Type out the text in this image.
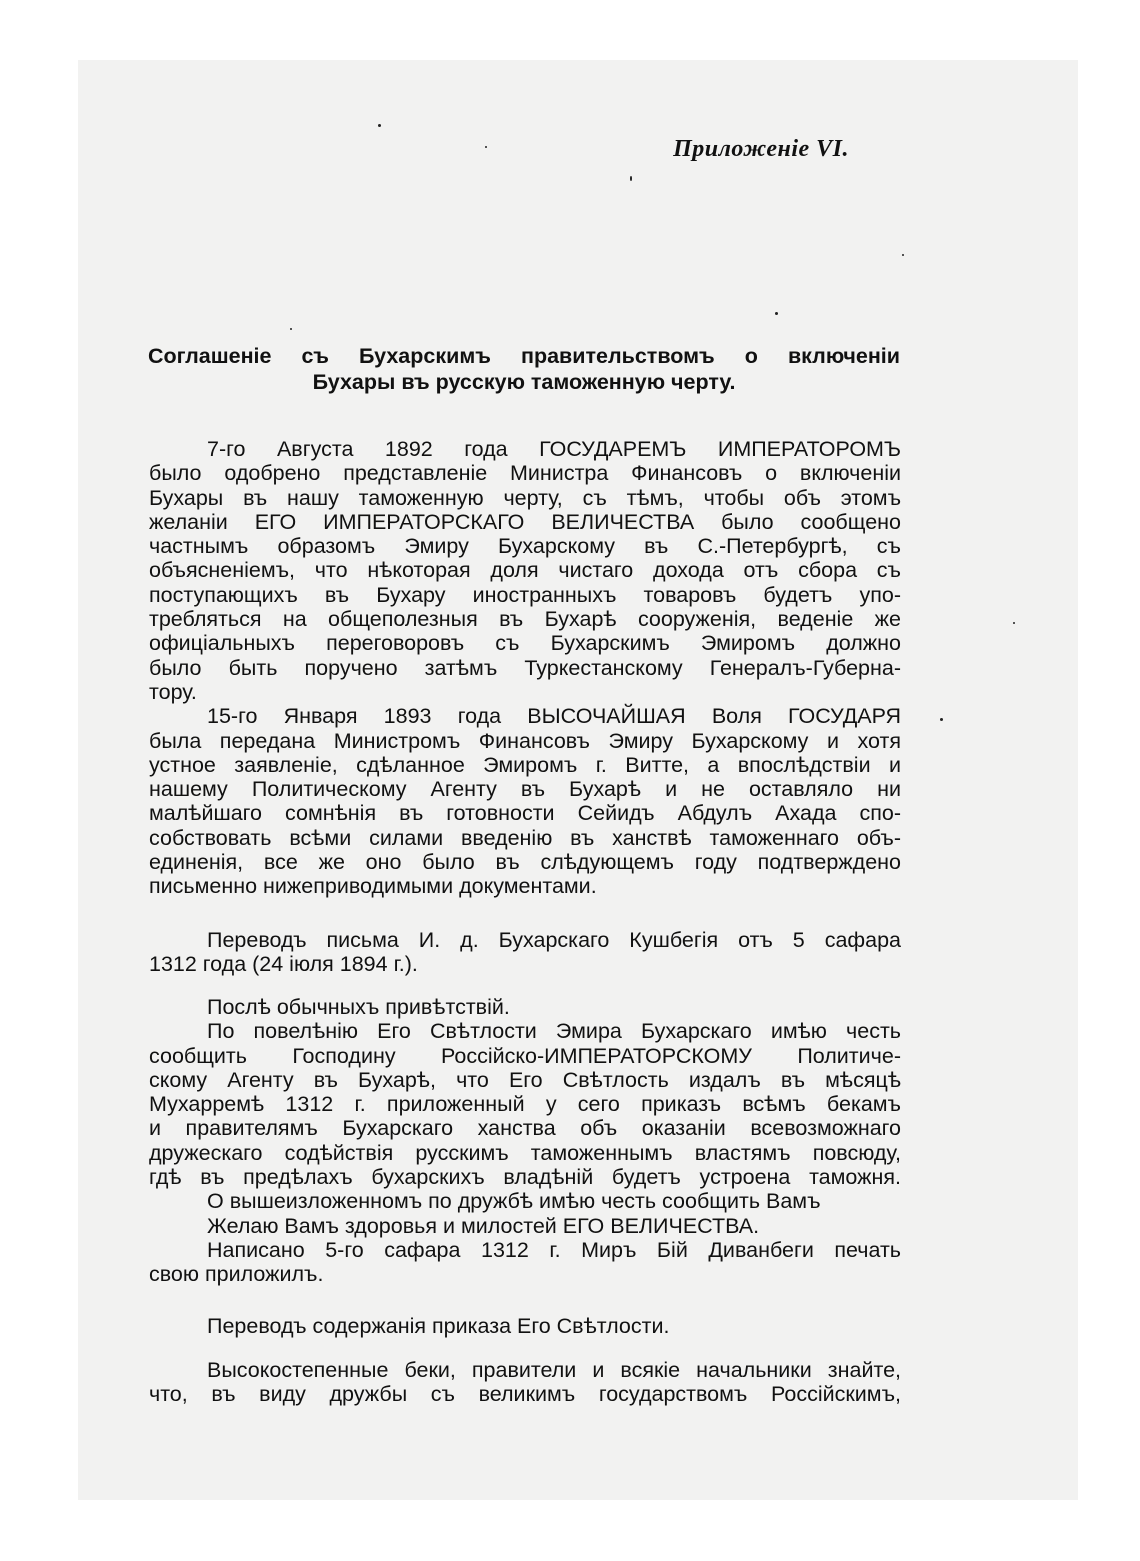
Приложенiе VI.
Соглашенiе съ Бухарскимъ правительствомъ о включенiи
Бухары въ русскую таможенную черту.
7-го Августа 1892 года ГОСУДАРЕМЪ ИМПЕРАТОРОМЪ
было одобрено представленiе Министра Финансовъ о включенiи
Бухары въ нашу таможенную черту, съ тѣмъ, чтобы объ этомъ
желанiи ЕГО ИМПЕРАТОРСКАГО ВЕЛИЧЕСТВА было сообщено
частнымъ образомъ Эмиру Бухарскому въ С.-Петербургѣ, съ
объясненiемъ, что нѣкоторая доля чистаго дохода отъ сбора съ
поступающихъ въ Бухару иностранныхъ товаровъ будетъ упо-
требляться на общеполезныя въ Бухарѣ сооруженiя, веденiе же
офицiальныхъ переговоровъ съ Бухарскимъ Эмиромъ должно
было быть поручено затѣмъ Туркестанскому Генералъ-Губерна-
тору.
15-го Января 1893 года ВЫСОЧАЙШАЯ Воля ГОСУДАРЯ
была передана Министромъ Финансовъ Эмиру Бухарскому и хотя
устное заявленiе, сдѣланное Эмиромъ г. Витте, а впослѣдствiи и
нашему Политическому Агенту въ Бухарѣ и не оставляло ни
малѣйшаго сомнѣнiя въ готовности Сейидъ Абдулъ Ахада спо-
собствовать всѣми силами введенiю въ ханствѣ таможеннаго объ-
единенiя, все же оно было въ слѣдующемъ году подтверждено
письменно нижеприводимыми документами.
Переводъ письма И. д. Бухарскаго Кушбегiя отъ 5 сафара
1312 года (24 iюля 1894 г.).
Послѣ обычныхъ привѣтствiй.
По повелѣнiю Его Свѣтлости Эмира Бухарскаго имѣю честь
сообщить Господину Россiйско-ИМПЕРАТОРСКОМУ Политиче-
скому Агенту въ Бухарѣ, что Его Свѣтлость издалъ въ мѣсяцѣ
Мухарремѣ 1312 г. приложенный у сего приказъ всѣмъ бекамъ
и правителямъ Бухарскаго ханства объ оказанiи всевозможнаго
дружескаго содѣйствiя русскимъ таможеннымъ властямъ повсюду,
гдѣ въ предѣлахъ бухарскихъ владѣнiй будетъ устроена таможня.
О вышеизложенномъ по дружбѣ имѣю честь сообщить Вамъ
Желаю Вамъ здоровья и милостей ЕГО ВЕЛИЧЕСТВА.
Написано 5-го сафара 1312 г. Миръ Бiй Диванбеги печать
свою приложилъ.
Переводъ содержанiя приказа Его Свѣтлости.
Высокостепенные беки, правители и всякiе начальники знайте,
что, въ виду дружбы съ великимъ государствомъ Россiйскимъ,
